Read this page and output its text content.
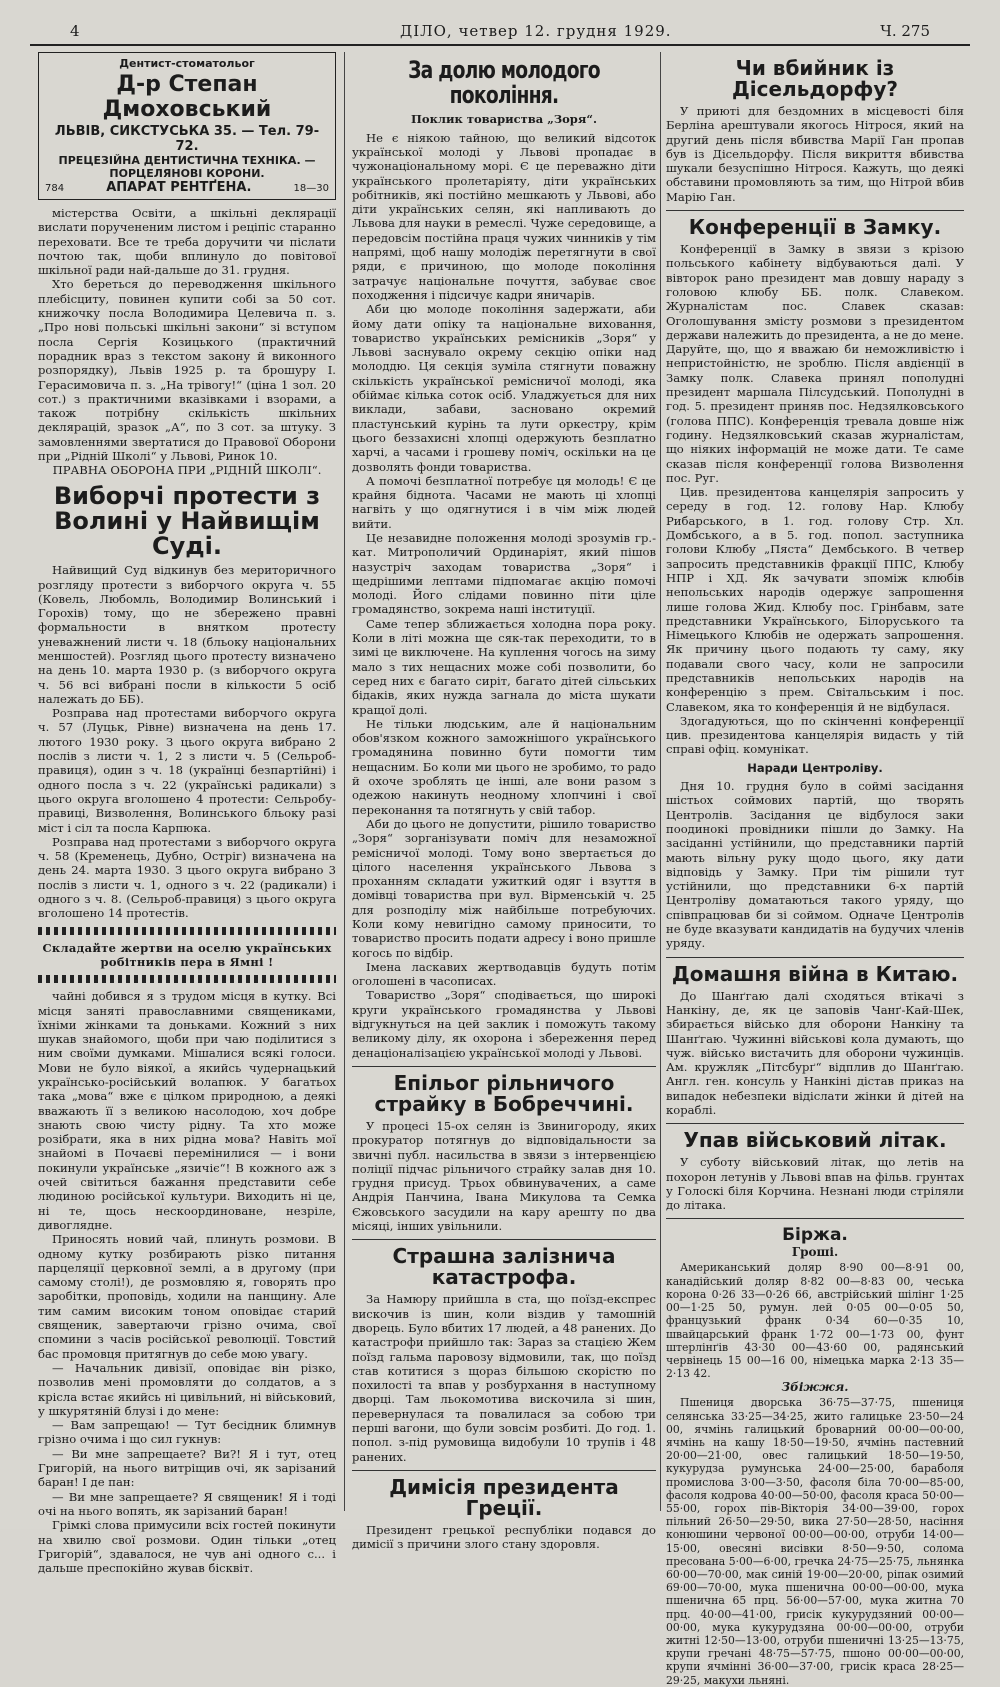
4	ДІЛО, четвер 12. грудня 1929.	Ч. 275
Дентист-стоматольог
Д-р Степан Дмоховський
ЛЬВІВ, СИКСТУСЬКА 35. — Тел. 79-72.
ПРЕЦЕЗІЙНА ДЕНТИСТИЧНА ТЕХНІКА. — ПОРЦЕЛЯНОВІ КОРОНИ.
784	АПАРАТ РЕНТҐЕНА.	18—30

містерства Освіти, а шкільні деклярації вислати поручененим листом і реціпіс старанно переховати. Все те треба доручити чи післати почтою так, щоби вплинуло до повітової шкільної ради най-дальше до 31. грудня.

Хто береться до переводження шкільного плебісциту, повинен купити собі за 50 сот. книжочку посла Володимира Целевича п. з. „Про нові польські шкільні закони“ зі вступом посла Сергія Козицького (практичний порадник враз з текстом закону й виконного розпорядку), Львів 1925 р. та брошуру І. Герасимовича п. з. „На трівогу!“ (ціна 1 зол. 20 сот.) з практичними вказівками і взорами, а також потрібну скількість шкільних деклярацій, зразок „А“, по 3 сот. за штуку. З замовленнями звертатися до Правової Оборони при „Рідній Школі“ у Львові, Ринок 10.

ПРАВНА ОБОРОНА ПРИ „РІДНІЙ ШКОЛІ“.

Виборчі протести з Волині у Найвищім Суді.

Найвищий Суд відкинув без мериторичного розгляду протести з виборчого округа ч. 55 (Ковель, Любомль, Володимир Волинський і Горохів) тому, що не збережено правні формальности в внятком протесту уневажнений листи ч. 18 (бльоку національних меншостей). Розгляд цього протесту визначено на день 10. марта 1930 р. (з виборчого округа ч. 56 всі вибрані посли в кількости 5 осіб належать до ББ).

Розправа над протестами виборчого округа ч. 57 (Луцьк, Рівне) визначена на день 17. лютого 1930 року. З цього округа вибрано 2 послів з листи ч. 1, 2 з листи ч. 5 (Сельроб-правиця), один з ч. 18 (українці безпартійні) і одного посла з ч. 22 (українські радикали) з цього округа вголошено 4 протести: Сельробу-правиці, Визволення, Волинського бльоку разі міст і сіл та посла Карпюка.

Розправа над протестами з виборчого округа ч. 58 (Кременець, Дубно, Остріг) визначена на день 24. марта 1930. З цього округа вибрано 3 послів з листи ч. 1, одного з ч. 22 (радикали) і одного з ч. 8. (Сельроб-правиця) з цього округа вголошено 14 протестів.

Складайте жертви на оселю українських робітників пера в Ямні !

чайні добився я з трудом місця в кутку. Всі місця заняті православними священиками, їхніми жінками та доньками. Кожний з них шукав знайомого, щоби при чаю поділитися з ним своїми думками. Мішалися всякі голоси. Мови не було віякої, а якийсь чудернацький українсько-російський волапюк. У багатьох така „мова“ вже є цілком природною, а деякі вважають її з великою насолодою, хоч добре знають свою чисту рідну. Та хто може розібрати, яка в них рідна мова? Навіть мої знайомі в Почаєві перемінилися — і вони покинули українське „язичіє“! В кожного аж з очей світиться бажання представити себе людиною російської культури. Виходить ні це, ні те, щось нескоординоване, незріле, дивоглядне.

Приносять новий чай, плинуть розмови. В одному кутку розбирають різко питання парцеляції церковної землі, а в другому (при самому столі!), де розмовляю я, говорять про заробітки, проповідь, ходили на панщину. Але тим самим високим тоном оповідає старий священик, завертаючи грізно очима, свої спомини з часів російської революції. Товстий бас промовця притягнув до себе мою увагу.

— Начальник дивізії, оповідає він різко, позволив мені промовляти до солдатов, а з крісла встає якийсь ні цивільний, ні військовий, у шкурятяній блузі і до мене:

— Вам запрещаю! — Тут бесідник блимнув грізно очима і що сил гукнув:

— Ви мне запрещаете? Ви?! Я і тут, отец Григорій, на нього витріщив очі, як зарізаний баран! І де пан:

— Ви мне запрещаете? Я священик! Я і тоді очі на нього вопять, як зарізаний баран!

Грімкі слова примусили всіх гостей покинути на хвилю свої розмови. Один тільки „отец Григорій“, здавалося, не чув ані одного с... і дальше преспокійно жував бісквіт.

За долю молодого покоління.

Поклик товариства „Зоря“.

Не є ніякою тайною, що великий відсоток української молоді у Львові пропадає в чужонаціональному морі. Є це переважно діти українського пролетаріяту, діти українських робітників, які постійно мешкають у Львові, або діти українських селян, які напливають до Львова для науки в ремеслі. Чуже середовище, а передовсім постійна праця чужих чинників у тім напрямі, щоб нашу молодіж перетягнути в свої ряди, є причиною, що молоде покоління затрачує національне почуття, забуває своє походження і підсичує кадри яничарів.

Аби цю молоде покоління задержати, аби йому дати опіку та національне виховання, товариство українських ремісників „Зоря“ у Львові заснувало окрему секцію опіки над молоддю. Ця секція зуміла стягнути поважну скількість української ремісничої молоді, яка обіймає кілька соток осіб. Уладжується для них виклади, забави, засновано окремий пластунський курінь та лути оркестру, крім цього беззахисні хлопці одержують безплатно харчі, а часами і грошеву поміч, оскільки на це дозволять фонди товариства.

А помочі безплатної потребує ця молодь! Є це крайня біднота. Часами не мають ці хлопці нагвіть у що одягнутися і в чім між людей вийти.

Це незавидне положення молоді зрозумів гр.-кат. Митрополичий Ординаріят, який пішов назустріч заходам товариства „Зоря“ і щедрішими лептами підпомагає акцію помочі молоді. Його слідами повинно піти ціле громадянство, зокрема наші інституції.

Саме тепер зближається холодна пора року. Коли в літі можна ще сяк-так переходити, то в зимі це виключене. На куплення чогось на зиму мало з тих нещасних може собі позволити, бо серед них є багато сиріт, багато дітей сільських бідаків, яких нужда загнала до міста шукати кращої долі.

Не тільки людським, але й національним обов'язком кожного заможнішого українського громадянина повинно бути помогти тим нещасним. Бо коли ми цього не зробимо, то радо й охоче зроблять це інші, але вони разом з одежою накинуть неодному хлопчині і свої переконання та потягнуть у свій табор.

Аби до цього не допустити, рішило товариство „Зоря“ зорганізувати поміч для незаможної ремісничої молоді. Тому воно звертається до цілого населення українського Львова з проханням складати ужиткий одяг і взуття в домівці товариства при вул. Вірменській ч. 25 для розподілу між найбільше потребуючих. Коли кому невигідно самому приносити, то товариство просить подати адресу і воно пришле когось по відбір.

Імена ласкавих жертводавців будуть потім оголошені в часописах.

Товариство „Зоря“ сподівається, що широкі круги українського громадянства у Львові відгукнуться на цей заклик і поможуть такому великому ділу, як охорона і збереження перед денаціоналізацією української молоді у Львові.

Епільог рільничого страйку в Бобреччині.

У процесі 15-ох селян із Звинигороду, яких прокуратор потягнув до відповідальности за звичні публ. насильства в звязи з інтервенцією поліції підчас рільничого страйку залав дня 10. грудня присуд. Трьох обвинувачених, а саме Андрія Панчина, Івана Микулова та Семка Єжовського засудили на кару арешту по два місяці, інших увільнили.

Страшна залізнича катастрофа.

За Намюру прийшла в ста, що поїзд-експрес вискочив із шин, коли віздив у тамошній дворець. Було вбитих 17 людей, а 48 ранених. До катастрофи прийшло так: Зараз за стацією Жем поїзд гальма паровозу відмовили, так, що поїзд став котитися з щораз більшою скорістю по похилості та впав у розбурхання в наступному дворці. Там льокомотива вискочила зі шин, перевернулася та повалилася за собою три перші вагони, що були зовсім розбиті. До год. 1. попол. з-під румовища видобули 10 трупів і 48 ранених.

Димісія президента Греції.

Президент грецької республіки подався до димісії з причини злого стану здоровля.

Чи вбийник із Дісельдорфу?

У приюті для бездомних в місцевості біля Берліна арештували якогось Нітрося, який на другий день після вбивства Марії Ган пропав був із Дісельдорфу. Після викриття вбивства шукали безуспішно Нітрося. Кажуть, що деякі обставини промовляють за тим, що Нітрой вбив Марію Ган.

Конференції в Замку.

Конференції в Замку в звязи з крізою польського кабінету відбуваються далі. У вівторок рано президент мав довшу нараду з головою клюбу ББ. полк. Славеком. Журналістам пос. Славек сказав: Оголошування змісту розмови з президентом держави належить до президента, а не до мене. Даруйте, що, що я вважаю би неможливістю і непристойністю, не зроблю. Після авдієнції в Замку полк. Славека принял пополудні президент маршала Пілсудський. Пополудні в год. 5. президент приняв пос. Недзялковського (голова ППС). Конференція тревала довше ніж годину. Недзялковський сказав журналістам, що ніяких інформацій не може дати. Те саме сказав після конференції голова Визволення пос. Руг.

Цив. президентова канцелярія запросить у середу в год. 12. голову Нар. Клюбу Рибарського, в 1. год. голову Стр. Хл. Домбського, а в 5. год. попол. заступника голови Клюбу „Пяста“ Дембського. В четвер запросить представників фракції ППС, Клюбу НПР і ХД. Як зачувати зпоміж клюбів непольських народів одержує запрошення лише голова Жид. Клюбу пос. Грінбавм, зате представники Українського, Білоруського та Німецького Клюбів не одержать запрошення. Як причину цього подають ту саму, яку подавали свого часу, коли не запросили представників непольських народів на конференцію з прем. Світальським і пос. Славеком, яка то конференція й не відбулася.

Здогадуються, що по скінченні конференції цив. президентова канцелярія видасть у тій справі офіц. комунікат.

Наради Центроліву.

Дня 10. грудня було в соймі засідання шістьох соймових партій, що творять Центролів. Засідання це відбулося заки поодинокі провідники пішли до Замку. На засіданні устійнили, що представники партій мають вільну руку щодо цього, яку дати відповідь у Замку. При тім рішили тут устійнили, що представники 6-х партій Центроліву доматаються такого уряду, що співпрацював би зі соймом. Одначе Центролів не буде вказувати кандидатів на будучих членів уряду.

Домашня війна в Китаю.

До Шанґгаю далі сходяться втікачі з Нанкіну, де, як це заповів Чанґ-Кай-Шек, збирається військо для оборони Нанкіну та Шанґгаю. Чужинні військові кола думають, що чуж. військо вистачить для оборони чужинців. Ам. кружляк „Пітсбурґ“ відплив до Шанґгаю. Англ. ген. консуль у Нанкіні дістав приказ на випадок небезпеки відіслати жінки й дітей на кораблі.

Упав військовий літак.

У суботу військовий літак, що летів на похорон летунів у Львові впав на фільв. грунтах у Голоскі біля Корчина. Незнані люди стріляли до літака.

Біржа.
Гроші.

Американський доляр 8·90 00—8·91 00, канадійський доляр 8·82 00—8·83 00, чеська корона 0·26 33—0·26 66, австрійський шілінг 1·25 00—1·25 50, румун. лей 0·05 00—0·05 50, французький франк 0·34 60—0·35 10, швайцарський франк 1·72 00—1·73 00, фунт штерлінґів 43·30 00—43·60 00, радянський червінець 15 00—16 00, німецька марка 2·13 35—2·13 42.

Збіжжя.

Пшениця дворська 36·75—37·75, пшениця селянська 33·25—34·25, жито галицьке 23·50—24 00, ячмінь галицький броварний 00·00—00·00, ячмінь на кашу 18·50—19·50, ячмінь пастевний 20·00—21·00, овес галицький 18·50—19·50, кукурудза румунська 24·00—25·00, бараболя промислова 3·00—3·50, фасоля біла 70·00—85·00, фасоля кодрова 40·00—50·00, фасоля краса 50·00—55·00, горох пів-Вікторія 34·00—39·00, горох пільний 26·50—29·50, вика 27·50—28·50, насіння конюшини червоної 00·00—00·00, отруби 14·00—15·00, овесяні висівки 8·50—9·50, солома пресована 5·00—6·00, гречка 24·75—25·75, льнянка 60·00—70·00, мак синій 19·00—20·00, ріпак озимий 69·00—70·00, мука пшенична 00·00—00·00, мука пшенична 65 прц. 56·00—57·00, мука житна 70 прц. 40·00—41·00, грисік кукурудзяний 00·00—00·00, мука кукурудзяна 00·00—00·00, отруби житні 12·50—13·00, отруби пшеничні 13·25—13·75, крупи гречані 48·75—57·75, пшоно 00·00—00·00, крупи ячмінні 36·00—37·00, грисік краса 28·25—29·25, макухи льняні.
